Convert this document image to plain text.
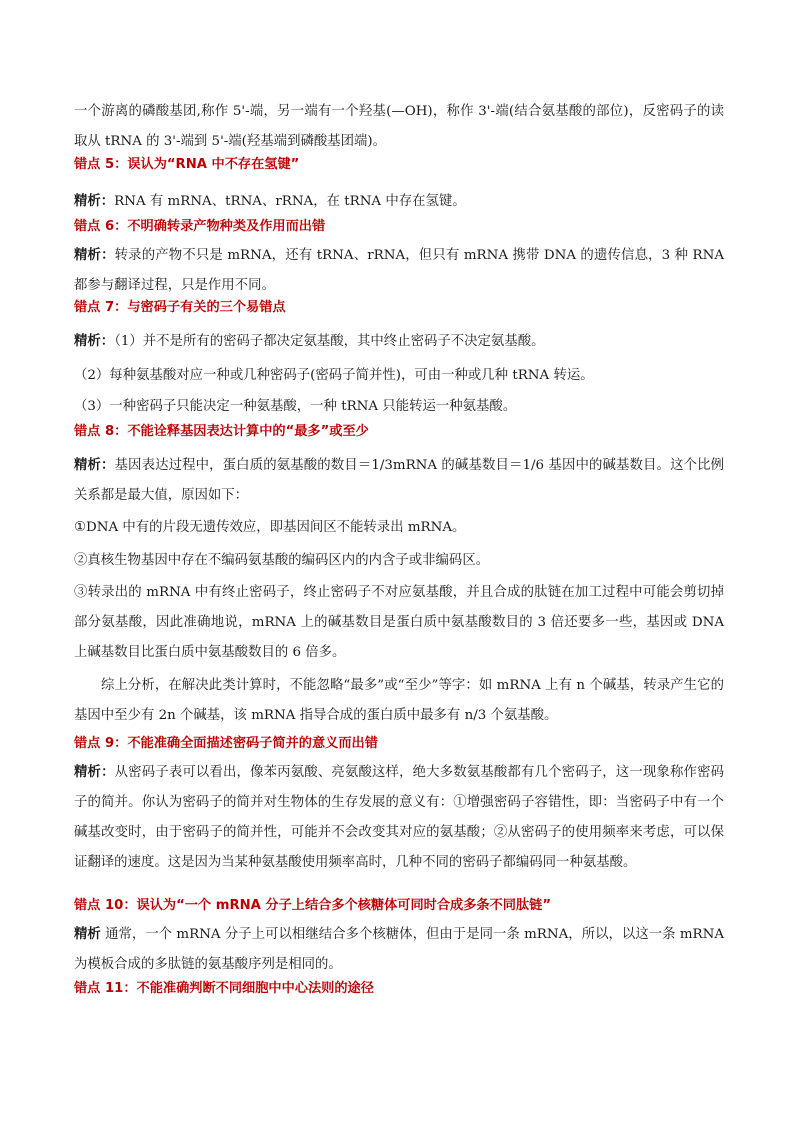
一个游离的磷酸基团,称作 5'-端，另一端有一个羟基(—OH)，称作 3'-端(结合氨基酸的部位)，反密码子的读取从 tRNA 的 3'-端到 5'-端(羟基端到磷酸基团端)。

错点 5：误认为“RNA 中不存在氢键”

精析：RNA 有 mRNA、tRNA、rRNA，在 tRNA 中存在氢键。

错点 6：不明确转录产物种类及作用而出错

精析：转录的产物不只是 mRNA，还有 tRNA、rRNA，但只有 mRNA 携带 DNA 的遗传信息，3 种 RNA 都参与翻译过程，只是作用不同。

错点 7：与密码子有关的三个易错点

精析：（1）并不是所有的密码子都决定氨基酸，其中终止密码子不决定氨基酸。

（2）每种氨基酸对应一种或几种密码子(密码子简并性)，可由一种或几种 tRNA 转运。

（3）一种密码子只能决定一种氨基酸，一种 tRNA 只能转运一种氨基酸。

错点 8：不能诠释基因表达计算中的“最多”或至少

精析：基因表达过程中，蛋白质的氨基酸的数目＝1/3mRNA 的碱基数目＝1/6 基因中的碱基数目。这个比例关系都是最大值，原因如下：

①DNA 中有的片段无遗传效应，即基因间区不能转录出 mRNA。

②真核生物基因中存在不编码氨基酸的编码区内的内含子或非编码区。

③转录出的 mRNA 中有终止密码子，终止密码子不对应氨基酸，并且合成的肽链在加工过程中可能会剪切掉部分氨基酸，因此准确地说，mRNA 上的碱基数目是蛋白质中氨基酸数目的 3 倍还要多一些，基因或 DNA 上碱基数目比蛋白质中氨基酸数目的 6 倍多。

综上分析，在解决此类计算时，不能忽略“最多”或“至少”等字：如 mRNA 上有 n 个碱基，转录产生它的基因中至少有 2n 个碱基，该 mRNA 指导合成的蛋白质中最多有 n/3 个氨基酸。

错点 9：不能准确全面描述密码子简并的意义而出错

精析：从密码子表可以看出，像苯丙氨酸、亮氨酸这样，绝大多数氨基酸都有几个密码子，这一现象称作密码子的简并。你认为密码子的简并对生物体的生存发展的意义有：①增强密码子容错性，即：当密码子中有一个碱基改变时，由于密码子的简并性，可能并不会改变其对应的氨基酸；②从密码子的使用频率来考虑，可以保证翻译的速度。这是因为当某种氨基酸使用频率高时，几种不同的密码子都编码同一种氨基酸。

错点 10：误认为“一个 mRNA 分子上结合多个核糖体可同时合成多条不同肽链”

精析 通常，一个 mRNA 分子上可以相继结合多个核糖体，但由于是同一条 mRNA，所以，以这一条 mRNA 为模板合成的多肽链的氨基酸序列是相同的。

错点 11：不能准确判断不同细胞中中心法则的途径
